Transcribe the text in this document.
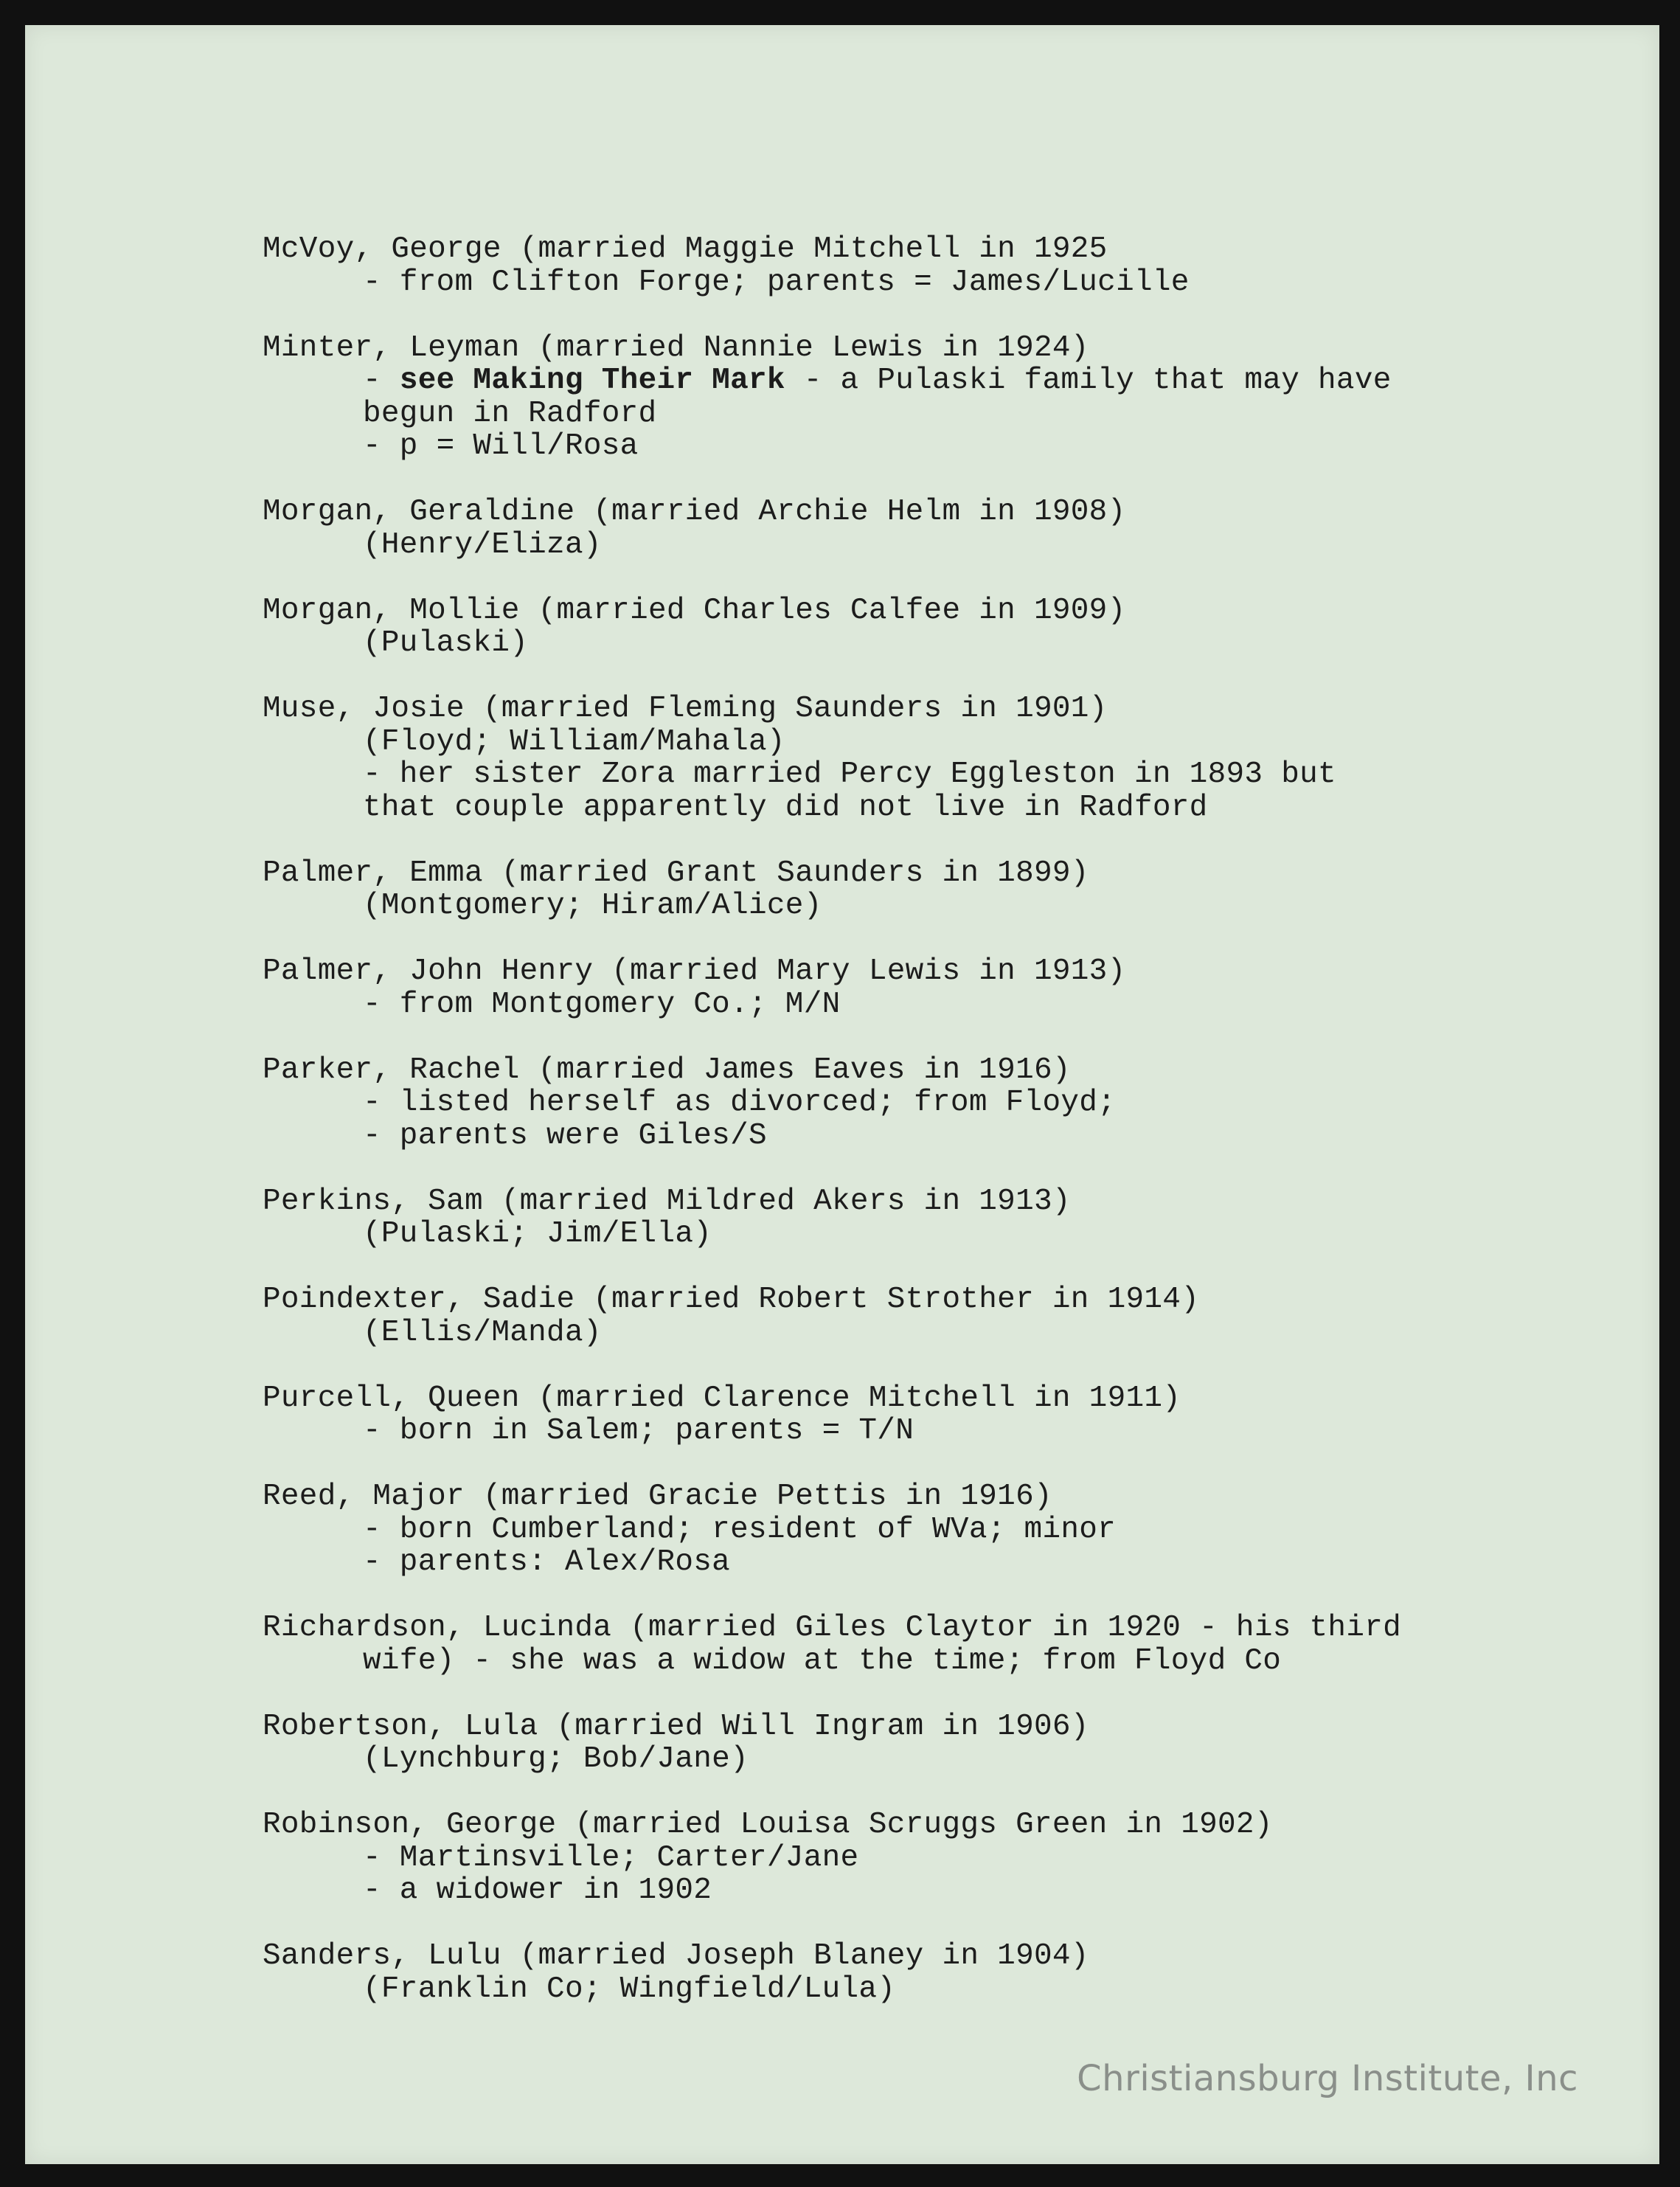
McVoy, George (married Maggie Mitchell in 1925
- from Clifton Forge; parents = James/Lucille
Minter, Leyman (married Nannie Lewis in 1924)
- see Making Their Mark - a Pulaski family that may have
begun in Radford
- p = Will/Rosa
Morgan, Geraldine (married Archie Helm in 1908)
(Henry/Eliza)
Morgan, Mollie (married Charles Calfee in 1909)
(Pulaski)
Muse, Josie (married Fleming Saunders in 1901)
(Floyd; William/Mahala)
- her sister Zora married Percy Eggleston in 1893 but
that couple apparently did not live in Radford
Palmer, Emma (married Grant Saunders in 1899)
(Montgomery; Hiram/Alice)
Palmer, John Henry (married Mary Lewis in 1913)
- from Montgomery Co.; M/N
Parker, Rachel (married James Eaves in 1916)
- listed herself as divorced; from Floyd;
- parents were Giles/S
Perkins, Sam (married Mildred Akers in 1913)
(Pulaski; Jim/Ella)
Poindexter, Sadie (married Robert Strother in 1914)
(Ellis/Manda)
Purcell, Queen (married Clarence Mitchell in 1911)
- born in Salem; parents = T/N
Reed, Major (married Gracie Pettis in 1916)
- born Cumberland; resident of WVa; minor
- parents: Alex/Rosa
Richardson, Lucinda (married Giles Claytor in 1920 - his third
wife) - she was a widow at the time; from Floyd Co
Robertson, Lula (married Will Ingram in 1906)
(Lynchburg; Bob/Jane)
Robinson, George (married Louisa Scruggs Green in 1902)
- Martinsville; Carter/Jane
- a widower in 1902
Sanders, Lulu (married Joseph Blaney in 1904)
(Franklin Co; Wingfield/Lula)
Christiansburg Institute, Inc
